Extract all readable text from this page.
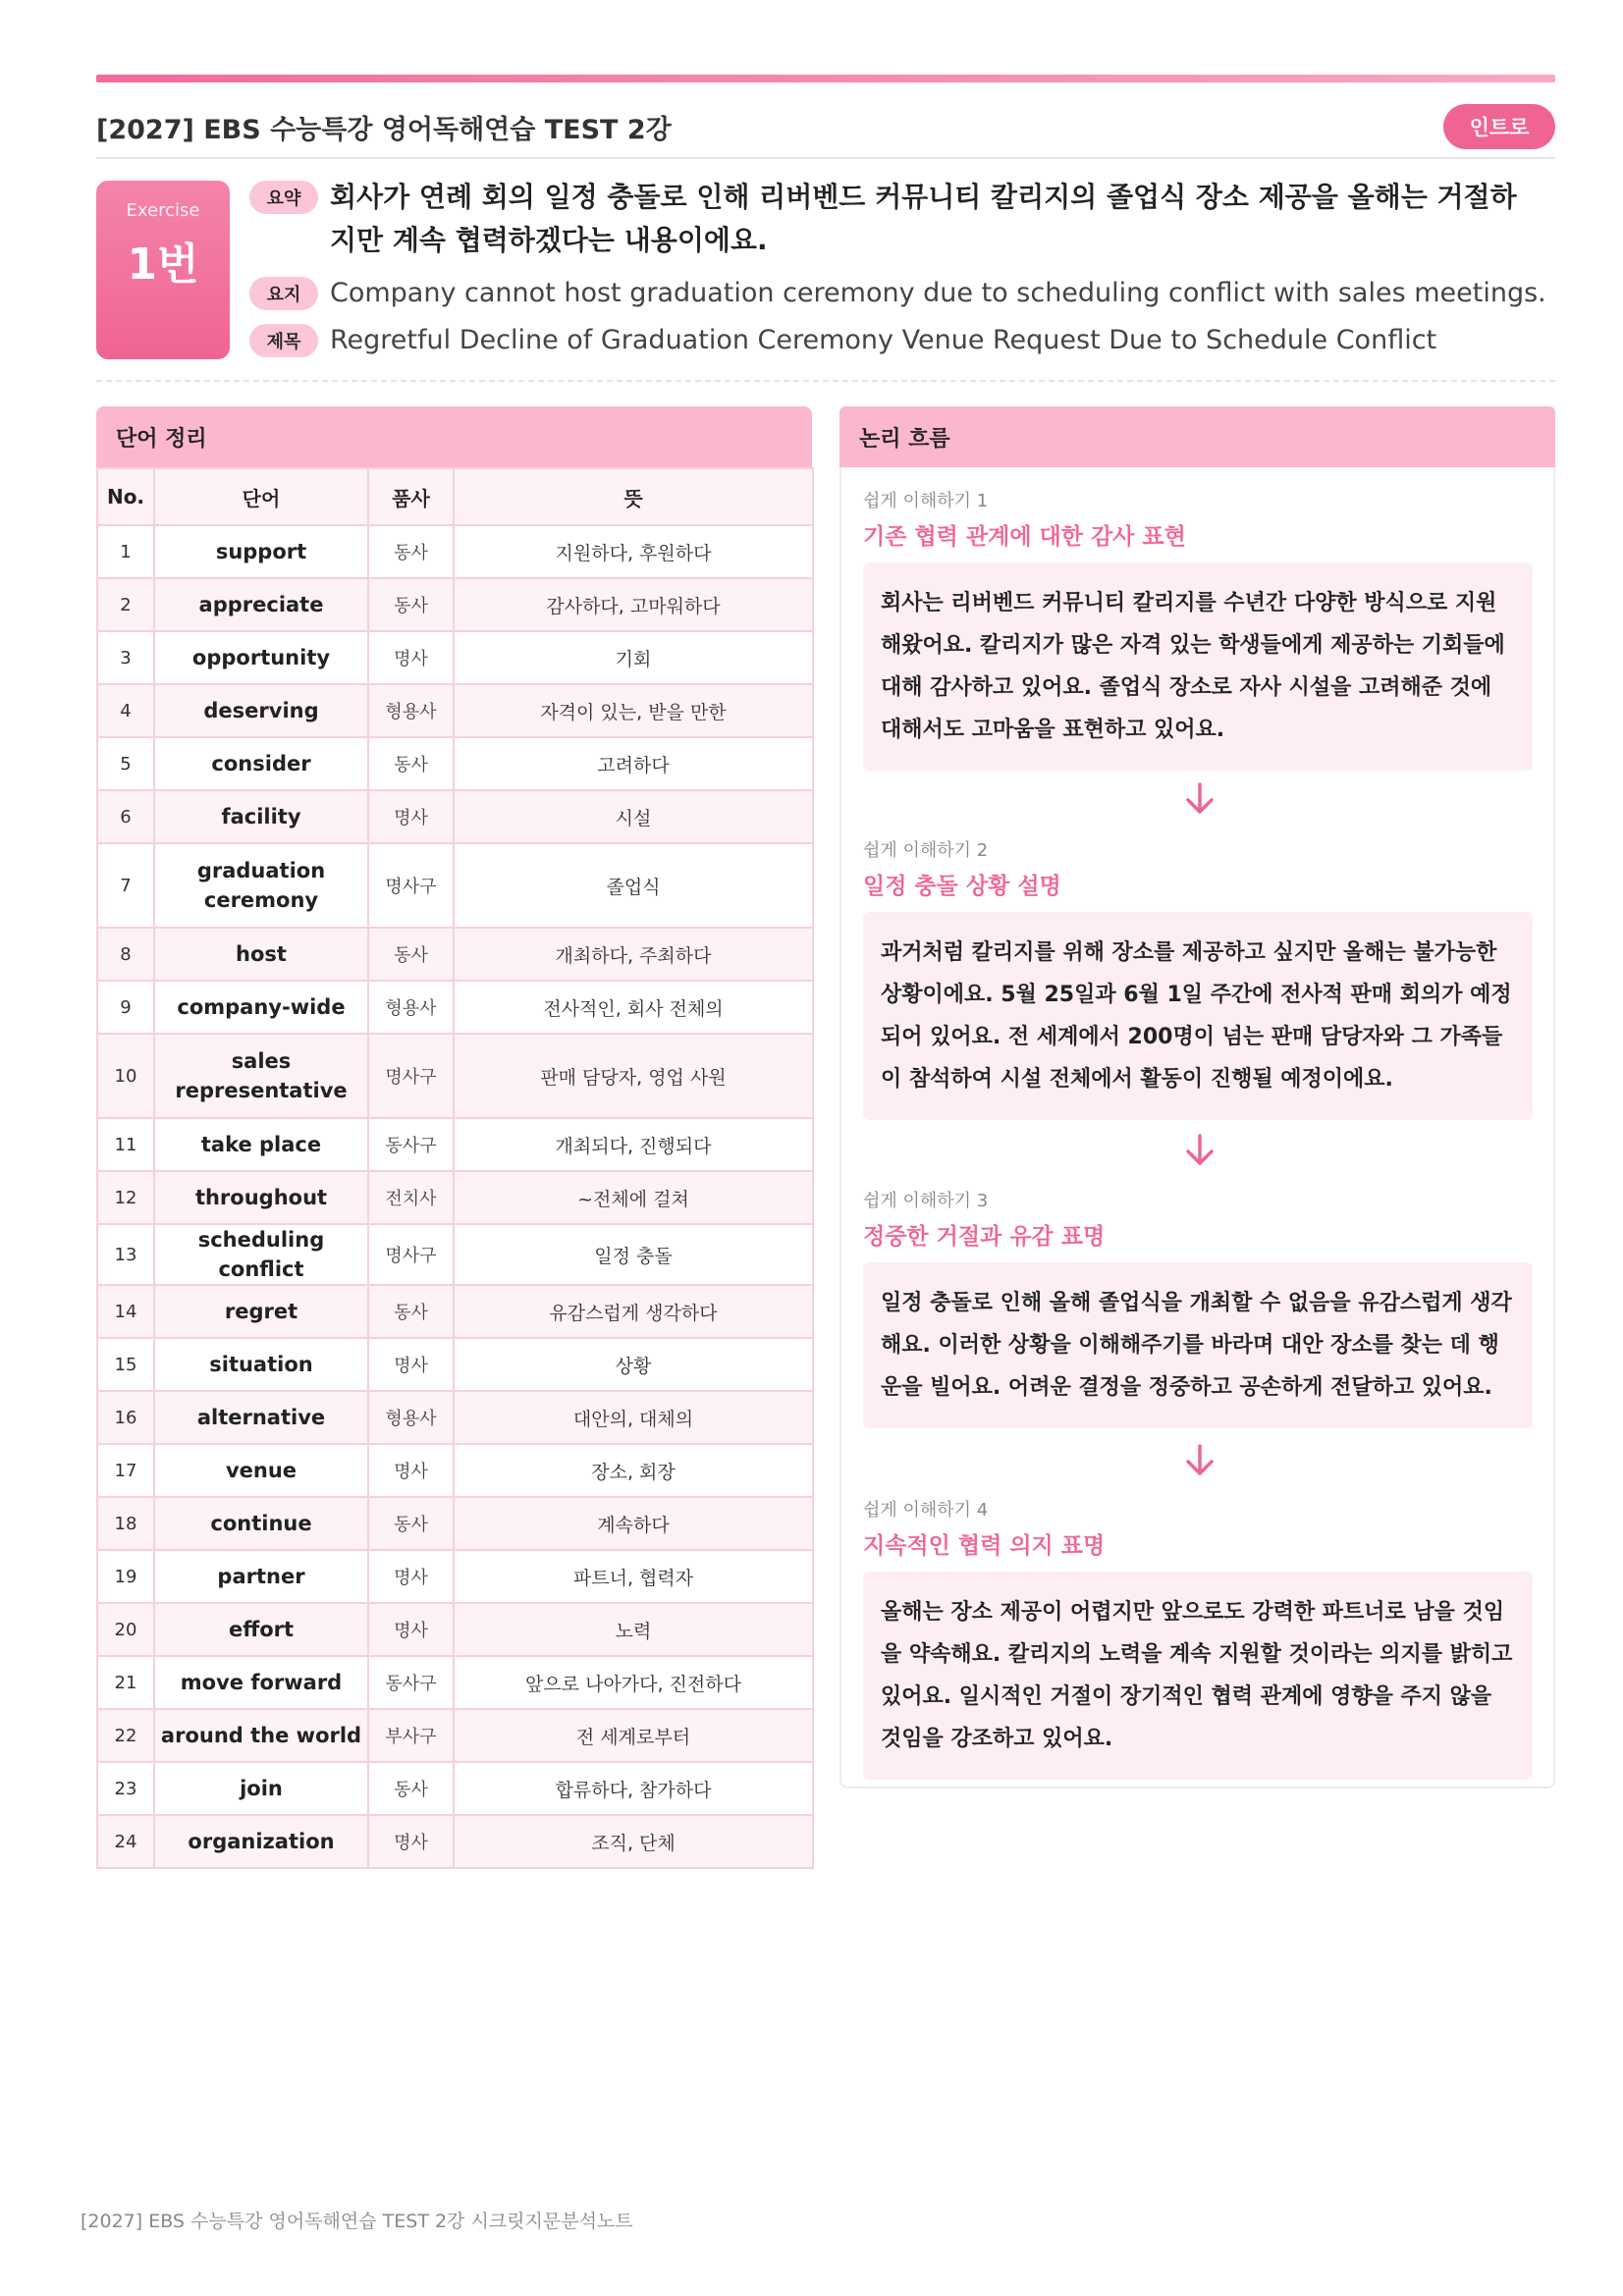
[2027] EBS 수능특강 영어독해연습 TEST 2강	인트로
Exercise
1번
요약	회사가 연례 회의 일정 충돌로 인해 리버벤드 커뮤니티 칼리지의 졸업식 장소 제공을 올해는 거절하지만 계속 협력하겠다는 내용이에요.
요지	Company cannot host graduation ceremony due to scheduling conflict with sales meetings.
제목	Regretful Decline of Graduation Ceremony Venue Request Due to Schedule Conflict
단어 정리
No.	단어	품사	뜻
1	support	동사	지원하다, 후원하다
2	appreciate	동사	감사하다, 고마워하다
3	opportunity	명사	기회
4	deserving	형용사	자격이 있는, 받을 만한
5	consider	동사	고려하다
6	facility	명사	시설
7	graduation ceremony	명사구	졸업식
8	host	동사	개최하다, 주최하다
9	company-wide	형용사	전사적인, 회사 전체의
10	sales representative	명사구	판매 담당자, 영업 사원
11	take place	동사구	개최되다, 진행되다
12	throughout	전치사	~전체에 걸쳐
13	scheduling conflict	명사구	일정 충돌
14	regret	동사	유감스럽게 생각하다
15	situation	명사	상황
16	alternative	형용사	대안의, 대체의
17	venue	명사	장소, 회장
18	continue	동사	계속하다
19	partner	명사	파트너, 협력자
20	effort	명사	노력
21	move forward	동사구	앞으로 나아가다, 진전하다
22	around the world	부사구	전 세계로부터
23	join	동사	합류하다, 참가하다
24	organization	명사	조직, 단체
논리 흐름
쉽게 이해하기 1
기존 협력 관계에 대한 감사 표현
회사는 리버벤드 커뮤니티 칼리지를 수년간 다양한 방식으로 지원해왔어요. 칼리지가 많은 자격 있는 학생들에게 제공하는 기회들에 대해 감사하고 있어요. 졸업식 장소로 자사 시설을 고려해준 것에 대해서도 고마움을 표현하고 있어요.
쉽게 이해하기 2
일정 충돌 상황 설명
과거처럼 칼리지를 위해 장소를 제공하고 싶지만 올해는 불가능한 상황이에요. 5월 25일과 6월 1일 주간에 전사적 판매 회의가 예정되어 있어요. 전 세계에서 200명이 넘는 판매 담당자와 그 가족들이 참석하여 시설 전체에서 활동이 진행될 예정이에요.
쉽게 이해하기 3
정중한 거절과 유감 표명
일정 충돌로 인해 올해 졸업식을 개최할 수 없음을 유감스럽게 생각해요. 이러한 상황을 이해해주기를 바라며 대안 장소를 찾는 데 행운을 빌어요. 어려운 결정을 정중하고 공손하게 전달하고 있어요.
쉽게 이해하기 4
지속적인 협력 의지 표명
올해는 장소 제공이 어렵지만 앞으로도 강력한 파트너로 남을 것임을 약속해요. 칼리지의 노력을 계속 지원할 것이라는 의지를 밝히고 있어요. 일시적인 거절이 장기적인 협력 관계에 영향을 주지 않을 것임을 강조하고 있어요.
[2027] EBS 수능특강 영어독해연습 TEST 2강 시크릿지문분석노트
